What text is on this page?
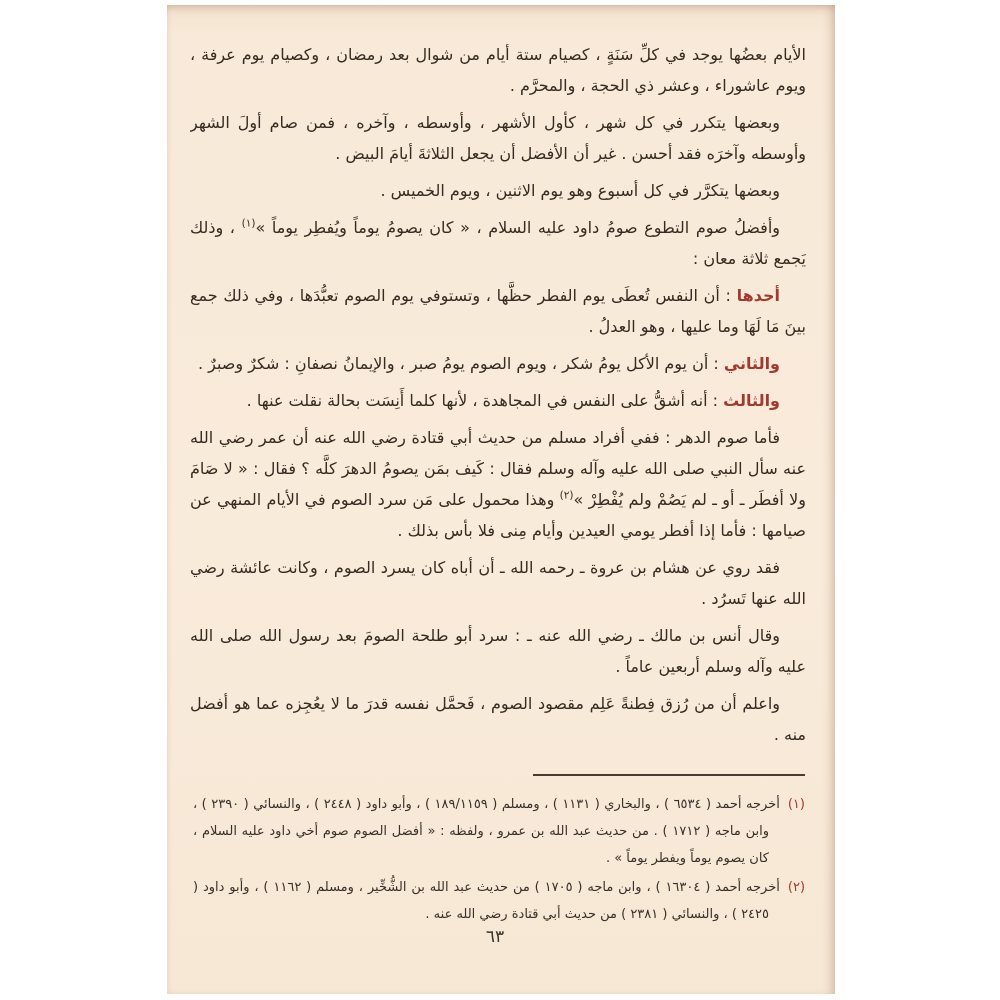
الأيام بعضُها يوجد في كلِّ سَنَةٍ ، كصيام ستة أيام من شوال بعد رمضان ، وكصيام يوم عرفة ، ويوم عاشوراء ، وعشر ذي الحجة ، والمحرَّم .

وبعضها يتكرر في كل شهر ، كأول الأشهر ، وأوسطه ، وآخره ، فمن صام أولَ الشهر وأوسطه وآخرَه فقد أحسن . غير أن الأفضل أن يجعل الثلاثةَ أيامَ البيض .

وبعضها يتكرَّر في كل أسبوع وهو يوم الاثنين ، ويوم الخميس .

وأفضلُ صوم التطوع صومُ داود عليه السلام ، « كان يصومُ يوماً ويُفطِر يوماً »$^{(١)}$ ، وذلك يَجمع ثلاثة معان :

أحدها : أن النفس تُعطَى يوم الفطر حظَّها ، وتستوفي يوم الصوم تعبُّدَها ، وفي ذلك جمع بينَ مَا لَهَا وما عليها ، وهو العدلُ .

والثاني : أن يوم الأكل يومُ شكر ، ويوم الصوم يومُ صبر ، والإيمانُ نصفانِ : شكرٌ وصبرٌ .

والثالث : أنه أشقُّ على النفس في المجاهدة ، لأنها كلما أَنِسَت بحالة نقلت عنها .

فأما صوم الدهر : ففي أفراد مسلم من حديث أبي قتادة رضي الله عنه أن عمر رضي الله عنه سأل النبي صلى الله عليه وآله وسلم فقال : كَيف بمَن يصومُ الدهرَ كلَّه ؟ فقال : « لا صَامَ ولا أفطَر ـ أو ـ لم يَصُمْ ولم يُفْطِرْ »$^{(٢)}$ وهذا محمول على مَن سرد الصوم في الأيام المنهي عن صيامها : فأما إذا أفطر يومي العيدين وأيام مِنى فلا بأس بذلك .

فقد روي عن هشام بن عروة ـ رحمه الله ـ أن أباه كان يسرد الصوم ، وكانت عائشة رضي الله عنها تَسرُد .

وقال أنس بن مالك ـ رضي الله عنه ـ : سرد أبو طلحة الصومَ بعد رسول الله صلى الله عليه وآله وسلم أربعين عاماً .

واعلم أن من رُزق فِطنةً عَلِم مقصود الصوم ، فَحمَّل نفسه قدرَ ما لا يعُجِزه عما هو أفضل منه .

(١)أخرجه أحمد ( ٦٥٣٤ ) ، والبخاري ( ١١٣١ ) ، ومسلم ( ١٨٩/١١٥٩ ) ، وأبو داود ( ٢٤٤٨ ) ، والنسائي ( ٢٣٩٠ ) ، وابن ماجه ( ١٧١٢ ) . من حديث عبد الله بن عمرو ، ولفظه : « أفضل الصوم صوم أخي داود عليه السلام ، كان يصوم يوماً ويفطر يوماً » .

(٢)أخرجه أحمد ( ١٦٣٠٤ ) ، وابن ماجه ( ١٧٠٥ ) من حديث عبد الله بن الشُّخِّير ، ومسلم ( ١١٦٢ ) ، وأبو داود ( ٢٤٢٥ ) ، والنسائي ( ٢٣٨١ ) من حديث أبي قتادة رضي الله عنه .

٦٣
